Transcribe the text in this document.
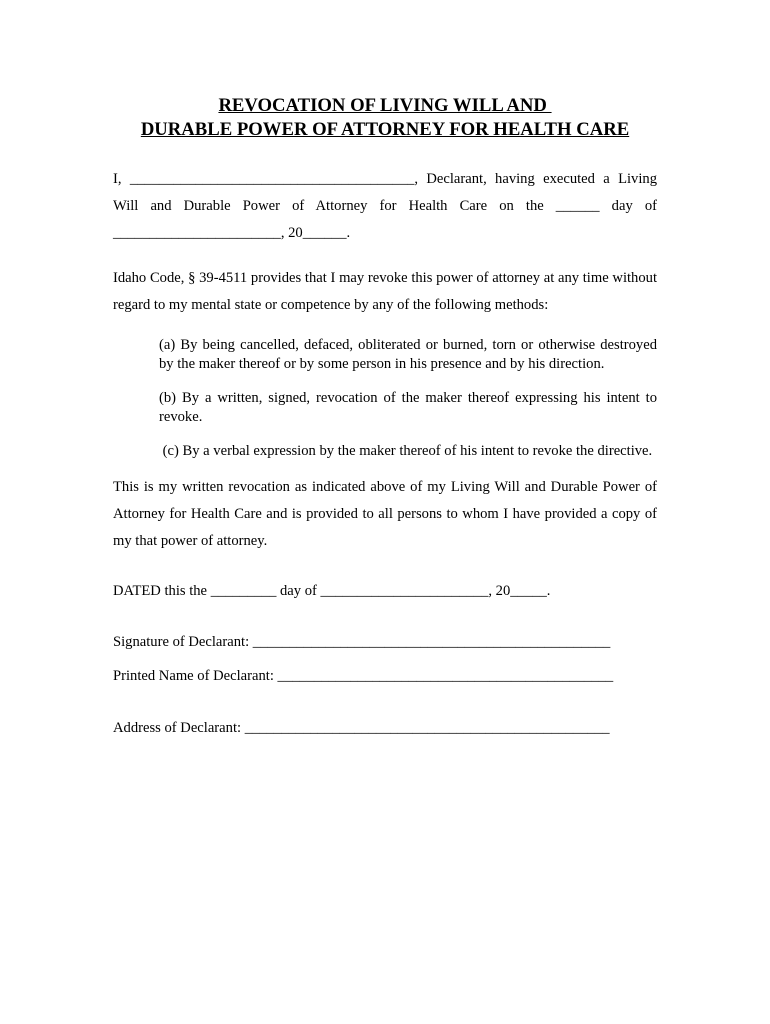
REVOCATION OF LIVING WILL AND
DURABLE POWER OF ATTORNEY FOR HEALTH CARE

I, _______________________________________, Declarant, having executed a Living Will and Durable Power of Attorney for Health Care on the ______ day of _______________________, 20______.

Idaho Code, § 39-4511 provides that I may revoke this power of attorney at any time without regard to my mental state or competence by any of the following methods:

(a) By being cancelled, defaced, obliterated or burned, torn or otherwise destroyed by the maker thereof or by some person in his presence and by his direction.
(b) By a written, signed, revocation of the maker thereof expressing his intent to revoke.
(c) By a verbal expression by the maker thereof of his intent to revoke the directive.

This is my written revocation as indicated above of my Living Will and Durable Power of Attorney for Health Care and is provided to all persons to whom I have provided a copy of my that power of attorney.

DATED this the _________ day of _______________________, 20_____.
Signature of Declarant: _________________________________________________
Printed Name of Declarant: ______________________________________________
Address of Declarant: __________________________________________________
